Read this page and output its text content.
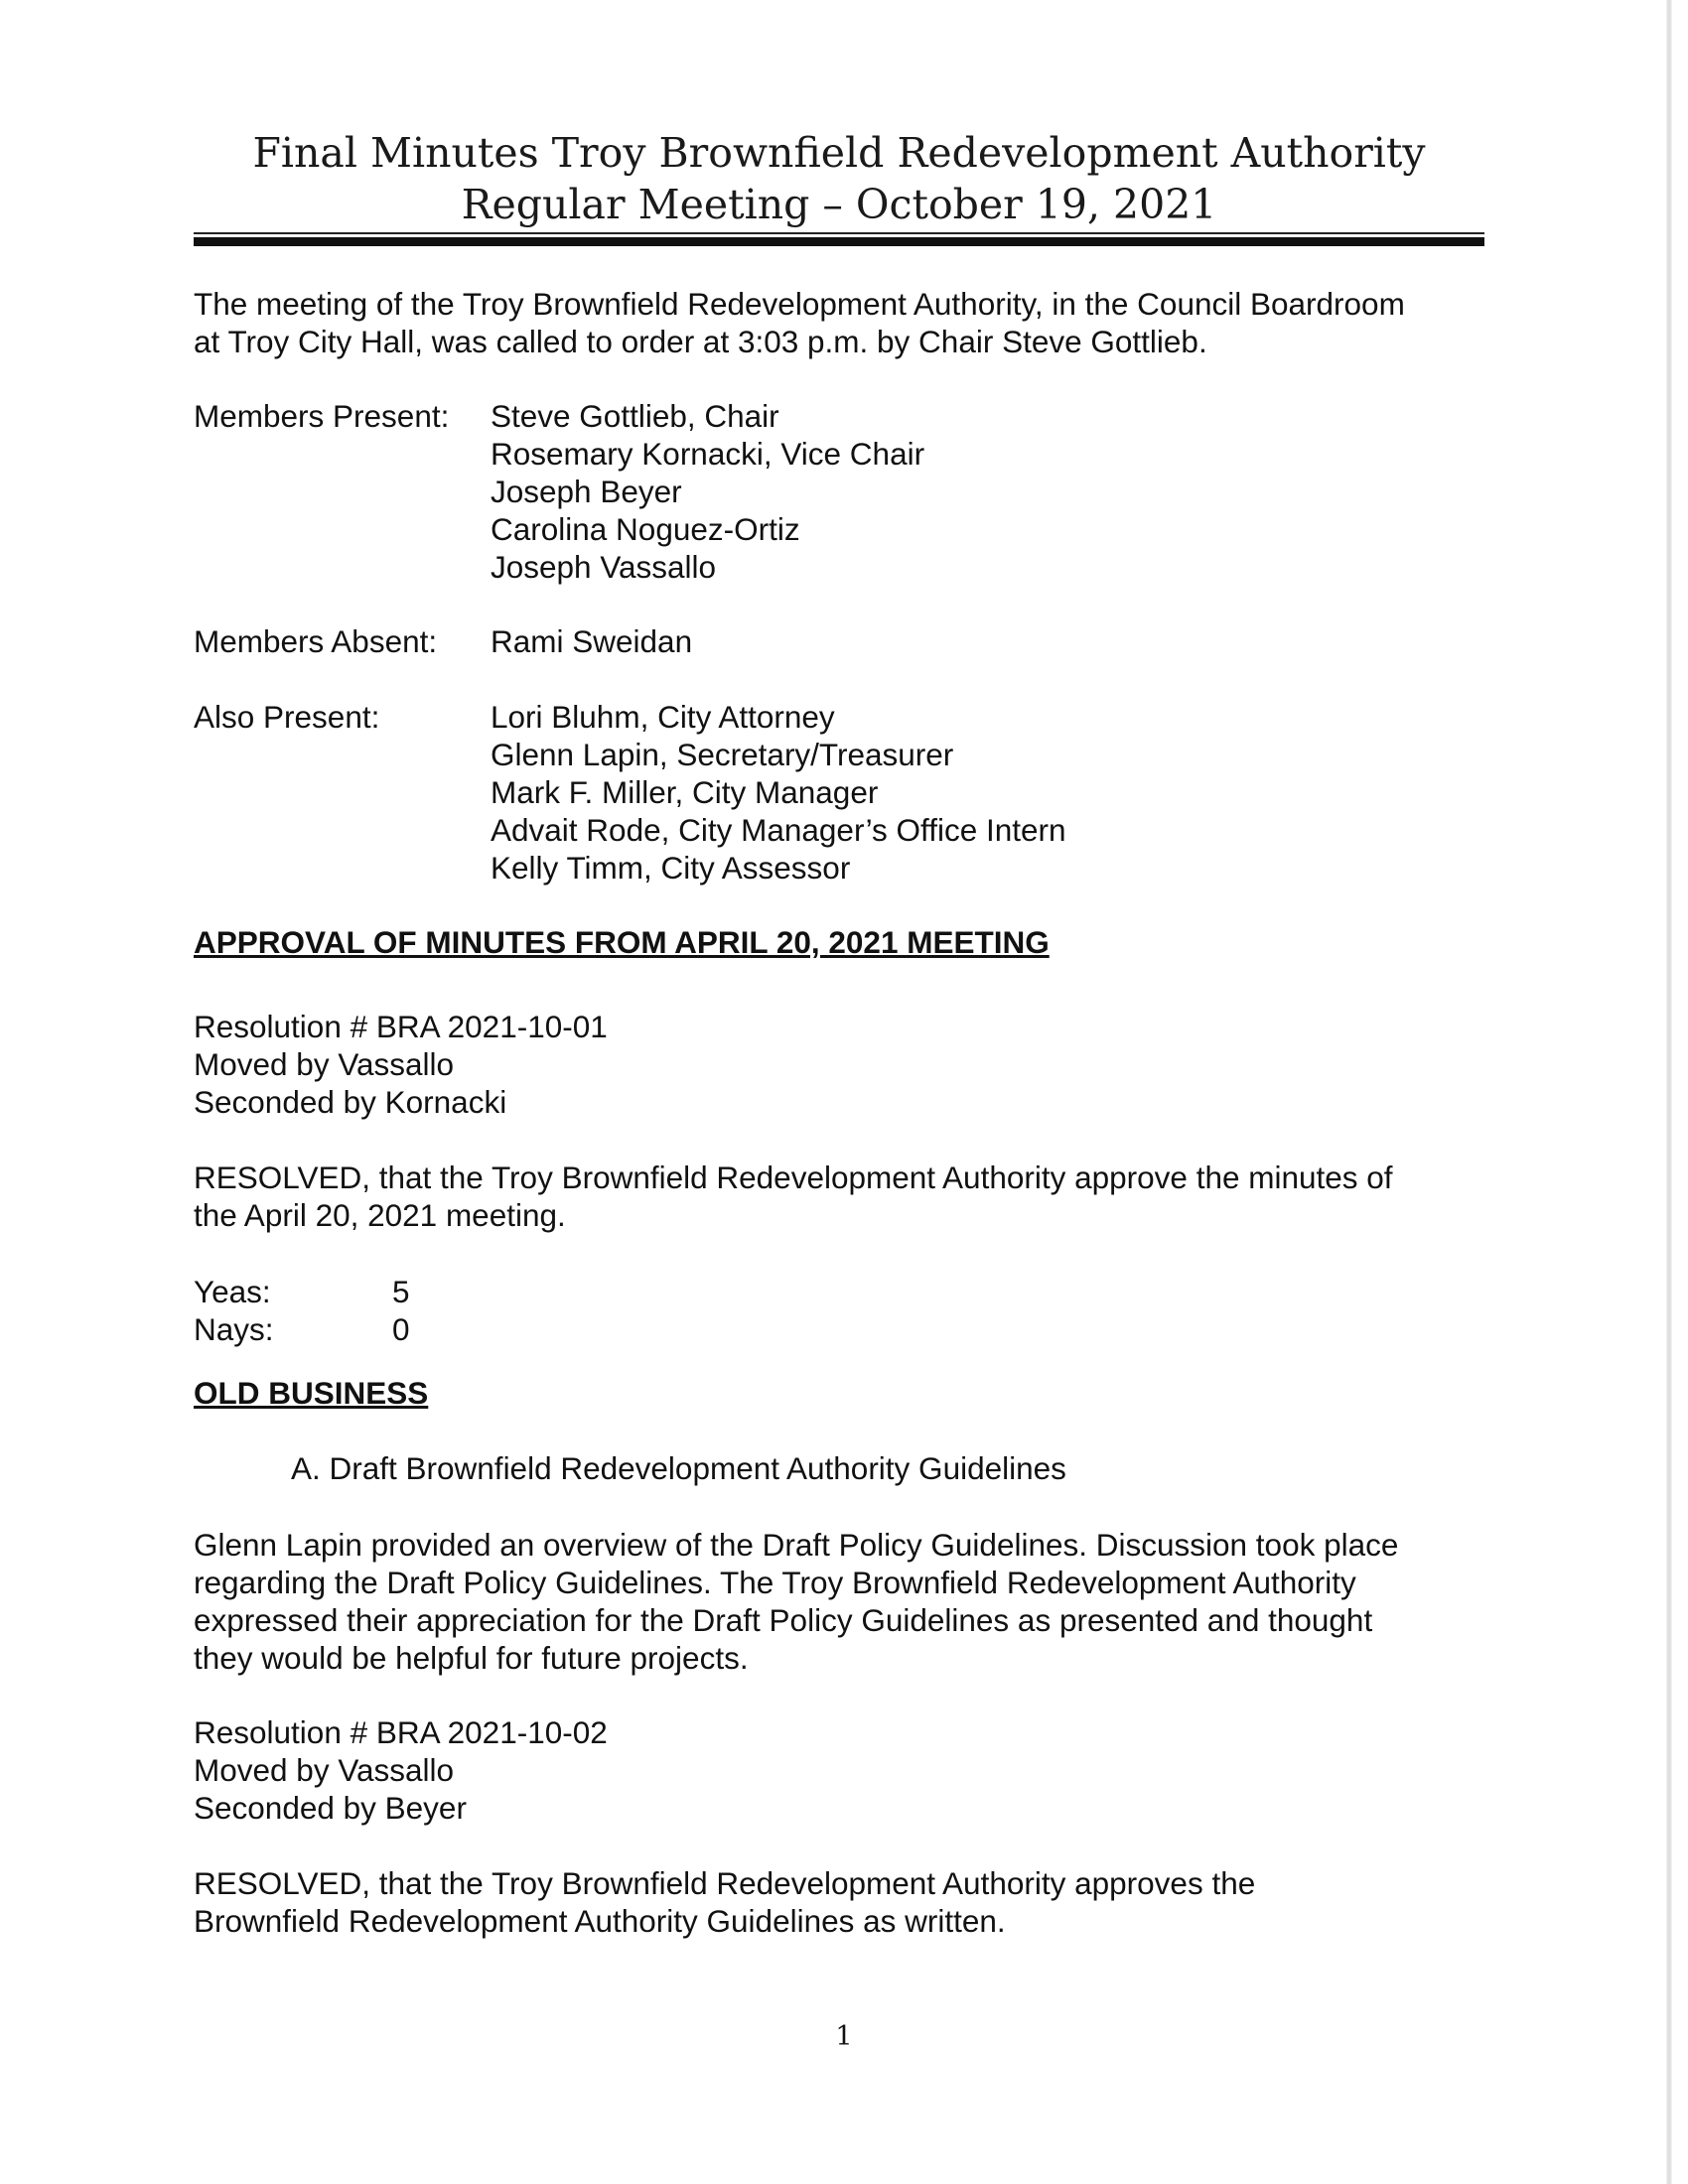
Final Minutes Troy Brownfield Redevelopment Authority
Regular Meeting – October 19, 2021
The meeting of the Troy Brownfield Redevelopment Authority, in the Council Boardroom
at Troy City Hall, was called to order at 3:03 p.m. by Chair Steve Gottlieb.
Members Present: Steve Gottlieb, Chair
Rosemary Kornacki, Vice Chair
Joseph Beyer
Carolina Noguez-Ortiz
Joseph Vassallo
Members Absent: Rami Sweidan
Also Present:	Lori Bluhm, City Attorney
Glenn Lapin, Secretary/Treasurer
Mark F. Miller, City Manager
Advait Rode, City Manager’s Office Intern
Kelly Timm, City Assessor
APPROVAL OF MINUTES FROM APRIL 20, 2021 MEETING
Resolution # BRA 2021-10-01
Moved by Vassallo
Seconded by Kornacki
RESOLVED, that the Troy Brownfield Redevelopment Authority approve the minutes of
the April 20, 2021 meeting.
Yeas:	5
Nays:	0
OLD BUSINESS
A. Draft Brownfield Redevelopment Authority Guidelines
Glenn Lapin provided an overview of the Draft Policy Guidelines. Discussion took place
regarding the Draft Policy Guidelines. The Troy Brownfield Redevelopment Authority
expressed their appreciation for the Draft Policy Guidelines as presented and thought
they would be helpful for future projects.
Resolution # BRA 2021-10-02
Moved by Vassallo
Seconded by Beyer
RESOLVED, that the Troy Brownfield Redevelopment Authority approves the
Brownfield Redevelopment Authority Guidelines as written.
1
